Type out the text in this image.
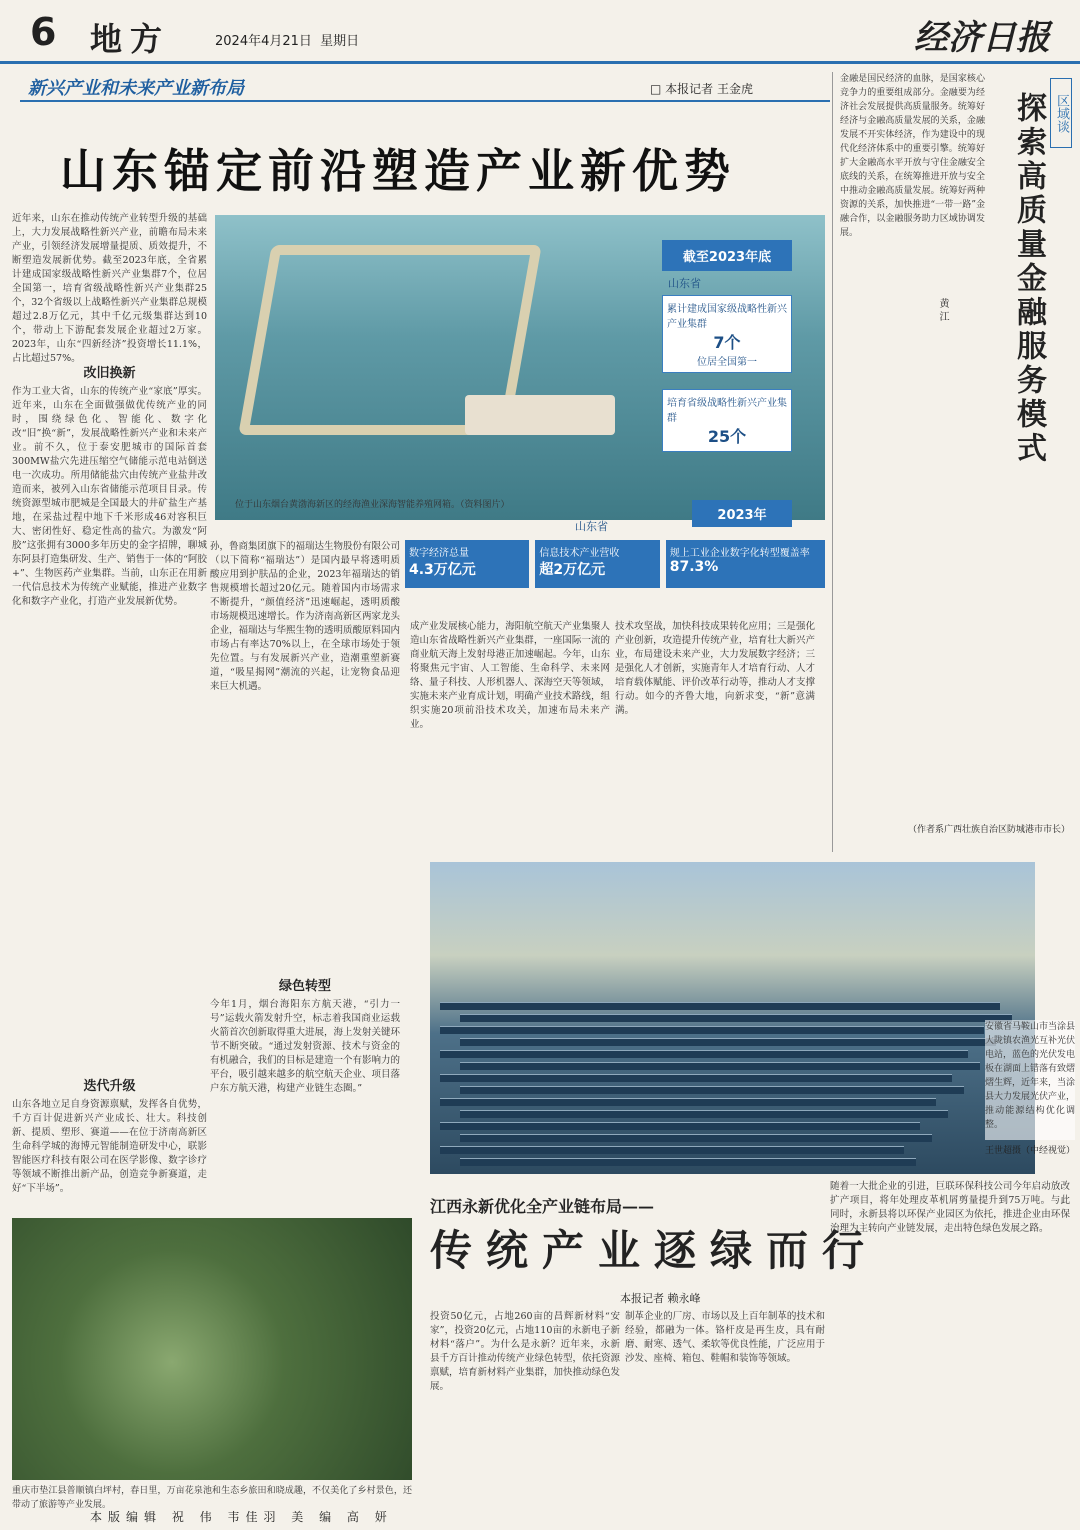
6 地方	2024年4月21日 星期日	经济日报
新兴产业和未来产业新布局	□ 本报记者 王金虎
山东锚定前沿塑造产业新优势
近年来，山东在推动传统产业转型升级的基础上，大力发展战略性新兴产业，前瞻布局未来产业，引领经济发展增量提质、质效提升，不断塑造发展新优势。截至2023年底，全省累计建成国家级战略性新兴产业集群7个，位居全国第一，培育省级战略性新兴产业集群25个，32个省级以上战略性新兴产业集群总规模超过2.8万亿元，其中千亿元级集群达到10个，带动上下游配套发展企业超过2万家。2023年，山东“四新经济”投资增长11.1%，占比超过57%。
改旧换新
作为工业大省，山东的传统产业“家底”厚实。近年来，山东在全面做强做优传统产业的同时，围绕绿色化、智能化、数字化改“旧”换“新”，发展战略性新兴产业和未来产业。前不久，位于泰安肥城市的国际首套300MW盐穴先进压缩空气储能示范电站倒送电一次成功。所用储能盐穴由传统产业盐井改造而来，被列入山东省储能示范项目目录。传统资源型城市肥城是全国最大的井矿盐生产基地，在采盐过程中地下千米形成46对容积巨大、密闭性好、稳定性高的盐穴。为激发“阿胶”这张拥有3000多年历史的金字招牌，聊城东阿县打造集研发、生产、销售于一体的“阿胶+”、生物医药产业集群。当前，山东正在用新一代信息技术为传统产业赋能，推进产业数字化和数字产业化，打造产业发展新优势。
迭代升级
山东各地立足自身资源禀赋，发挥各自优势，千方百计促进新兴产业成长、壮大。科技创新、提质、塑形、赛道——在位于济南高新区生命科学城的海博元智能制造研发中心，联影智能医疗科技有限公司在医学影像、数字诊疗等领域不断推出新产品，创造竞争新赛道，走好“下半场”。
位于山东烟台黄渤海新区的经海渔业深海智能养殖网箱。（资料图片）
截至2023年底
山东省
累计建成国家级战略性新兴产业集群
7个
位居全国第一
培育省级战略性新兴产业集群
25个
2023年
山东省
数字经济总量
4.3万亿元
信息技术产业营收
超2万亿元
规上工业企业数字化转型覆盖率
87.3%
孙，鲁商集团旗下的福瑞达生物股份有限公司（以下简称“福瑞达”）是国内最早将透明质酸应用到护肤品的企业，2023年福瑞达的销售规模增长超过20亿元。随着国内市场需求不断提升，“颜值经济”迅速崛起，透明质酸市场规模迅速增长。作为济南高新区两家龙头企业，福瑞达与华熙生物的透明质酸原料国内市场占有率达70%以上，在全球市场处于领先位置。与有发展新兴产业，造潮重塑新赛道，“吸星揭网”潮流的兴起，让宠物食品迎来巨大机遇。
绿色转型
今年1月，烟台海阳东方航天港，“引力一号”运载火箭发射升空，标志着我国商业运载火箭首次创新取得重大进展，海上发射关键环节不断突破。“通过发射资源、技术与资金的有机融合，我们的目标是建造一个有影响力的平台，吸引越来越多的航空航天企业、项目落户东方航天港，构建产业链生态圈。”
成产业发展核心能力，海阳航空航天产业集聚人造山东省战略性新兴产业集群，一座国际一流的商业航天海上发射母港正加速崛起。今年，山东将聚焦元宇宙、人工智能、生命科学、未来网络、量子科技、人形机器人、深海空天等领域，实施未来产业育成计划，明确产业技术路线，组织实施20项前沿技术攻关，加速布局未来产业。
技术攻坚战，加快科技成果转化应用；三是强化产业创新，攻造提升传统产业，培育壮大新兴产业，布局建设未来产业，大力发展数字经济；三是强化人才创新，实施青年人才培育行动、人才培育载体赋能、评价改革行动等，推动人才支撑行动。如今的齐鲁大地，向新求变，“新”意满满。
金融是国民经济的血脉，是国家核心竞争力的重要组成部分。金融要为经济社会发展提供高质量服务。统筹好经济与金融高质量发展的关系，金融发展不开实体经济，作为建设中的现代化经济体系中的重要引擎。统筹好扩大金融高水平开放与守住金融安全底线的关系，在统筹推进开放与安全中推动金融高质量发展。统筹好两种资源的关系，加快推进“一带一路”金融合作，以金融服务助力区域协调发展。
黄 江
区域谈
探索高质量金融服务模式
（作者系广西壮族自治区防城港市市长）
安徽省马鞍山市当涂县大陇镇农渔光互补光伏电站，蓝色的光伏发电板在湖面上错落有致熠熠生辉，近年来，当涂县大力发展光伏产业，推动能源结构优化调整。
王世超摄（中经视觉）
江西永新优化全产业链布局——
传统产业逐绿而行
本报记者 赖永峰
投资50亿元，占地260亩的昌辉新材料“安家”，投资20亿元，占地110亩的永新电子新材料“落户”。为什么是永新？近年来，永新县千方百计推动传统产业绿色转型，依托资源禀赋，培育新材料产业集群，加快推动绿色发展。
制革企业的厂房、市场以及上百年制革的技术和经验，都融为一体。铬杆皮是再生皮，具有耐磨、耐寒、透气、柔软等优良性能，广泛应用于沙发、座椅、箱包、鞋帽和装饰等领域。
随着一大批企业的引进，巨联环保科技公司今年启动放改扩产项目，将年处理皮革机屑剪量提升到75万吨。与此同时，永新县将以环保产业园区为依托，推进企业由环保治理为主转向产业链发展，走出特色绿色发展之路。
重庆市垫江县普顺镇白坪村，春日里，万亩花泉池和生态乡旅田和晓成趣，不仅美化了乡村景色，还带动了旅游等产业发展。
本版编辑 祝 伟 韦佳羽 美 编 高 妍
